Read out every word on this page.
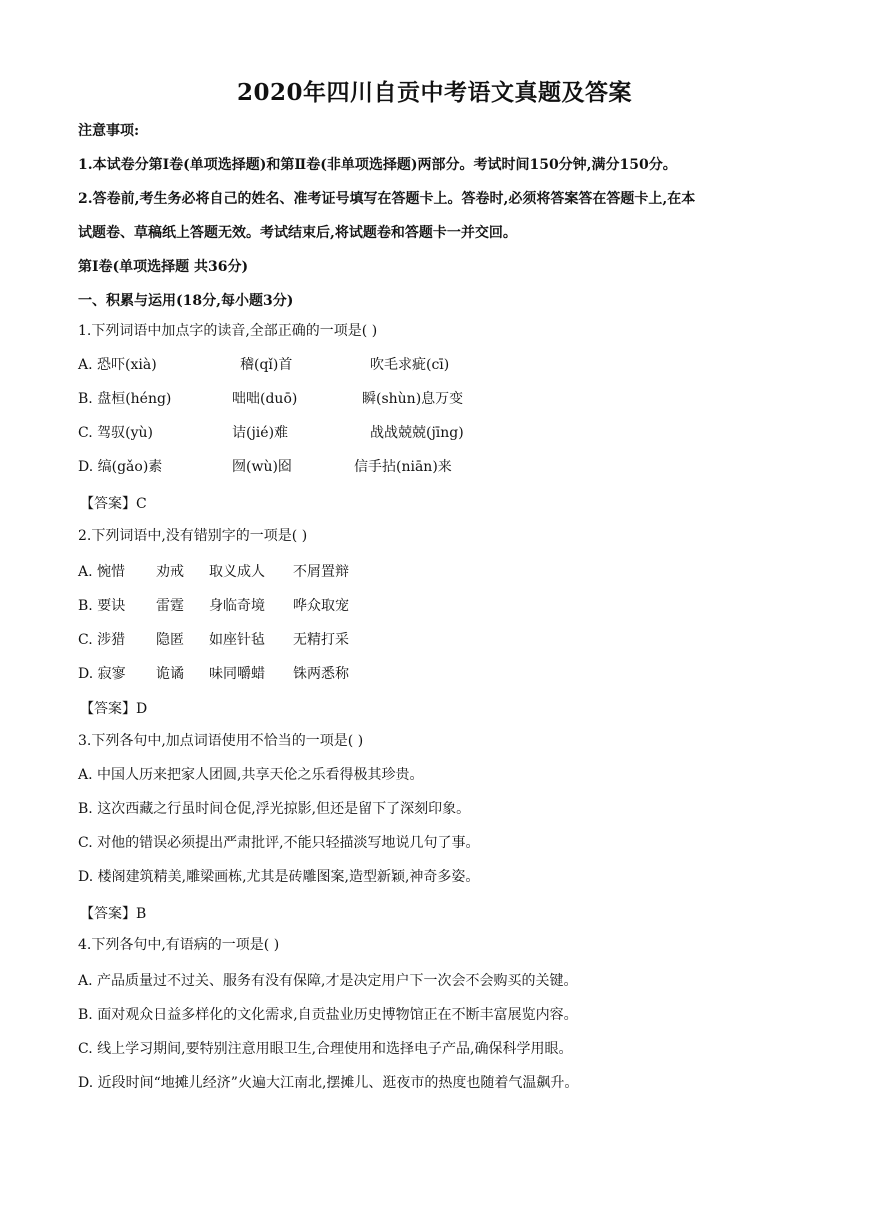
2020年四川自贡中考语文真题及答案
注意事项:
1.本试卷分第Ⅰ卷(单项选择题)和第Ⅱ卷(非单项选择题)两部分。考试时间150分钟,满分150分。
2.答卷前,考生务必将自己的姓名、准考证号填写在答题卡上。答卷时,必须将答案答在答题卡上,在本
试题卷、草稿纸上答题无效。考试结束后,将试题卷和答题卡一并交回。
第Ⅰ卷(单项选择题 共36分)
一、积累与运用(18分,每小题3分)
1.下列词语中加点字的读音,全部正确的一项是( )
A. 恐吓(xià)	稽(qǐ)首	吹毛求疵(cī)
B. 盘桓(héng)	咄咄(duō)	瞬(shùn)息万变
C. 驾驭(yù)	诘(jié)难	战战兢兢(jīng)
D. 缟(gǎo)素	囫(wù)囵	信手拈(niān)来
【答案】C
2.下列词语中,没有错别字的一项是( )
A. 惋惜 劝戒 取义成人 不屑置辩
B. 要诀 雷霆 身临奇境 哗众取宠
C. 涉猎 隐匿 如座针毡 无精打采
D. 寂寥 诡谲 味同嚼蜡 铢两悉称
【答案】D
3.下列各句中,加点词语使用不恰当的一项是( )
A. 中国人历来把家人团圆,共享天伦之乐看得极其珍贵。
B. 这次西藏之行虽时间仓促,浮光掠影,但还是留下了深刻印象。
C. 对他的错误必须提出严肃批评,不能只轻描淡写地说几句了事。
D. 楼阁建筑精美,雕梁画栋,尤其是砖雕图案,造型新颖,神奇多姿。
【答案】B
4.下列各句中,有语病的一项是( )
A. 产品质量过不过关、服务有没有保障,才是决定用户下一次会不会购买的关键。
B. 面对观众日益多样化的文化需求,自贡盐业历史博物馆正在不断丰富展览内容。
C. 线上学习期间,要特别注意用眼卫生,合理使用和选择电子产品,确保科学用眼。
D. 近段时间“地摊儿经济”火遍大江南北,摆摊儿、逛夜市的热度也随着气温飙升。
